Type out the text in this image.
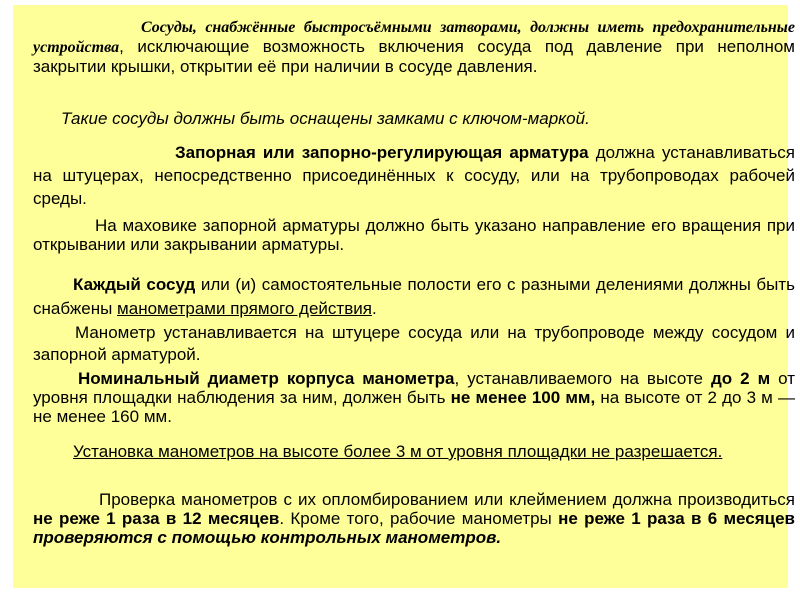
Сосуды, снабжённые быстросъёмными затворами, должны иметь предохранительные устройства, исключающие возможность включения сосуда под давление при неполном закрытии крышки, открытии её при наличии в сосуде давления.

Такие сосуды должны быть оснащены замками с ключом-маркой.

Запорная или запорно-регулирующая арматура должна устанавливаться на штуцерах, непосредственно присоединённых к сосуду, или на трубопроводах рабочей среды.

На маховике запорной арматуры должно быть указано направление его вращения при открывании или закрывании арматуры.

Каждый сосуд или (и) самостоятельные полости его с разными делениями должны быть снабжены манометрами прямого действия.

Манометр устанавливается на штуцере сосуда или на трубопроводе между сосудом и запорной арматурой.

Номинальный диаметр корпуса манометра, устанавливаемого на высоте до 2 м от уровня площадки наблюдения за ним, должен быть не менее 100 мм, на высоте от 2 до 3 м — не менее 160 мм.

Установка манометров на высоте более 3 м от уровня площадки не разрешается.

Проверка манометров с их опломбированием или клеймением должна производиться не реже 1 раза в 12 месяцев. Кроме того, рабочие манометры не реже 1 раза в 6 месяцев проверяются с помощью контрольных манометров.
